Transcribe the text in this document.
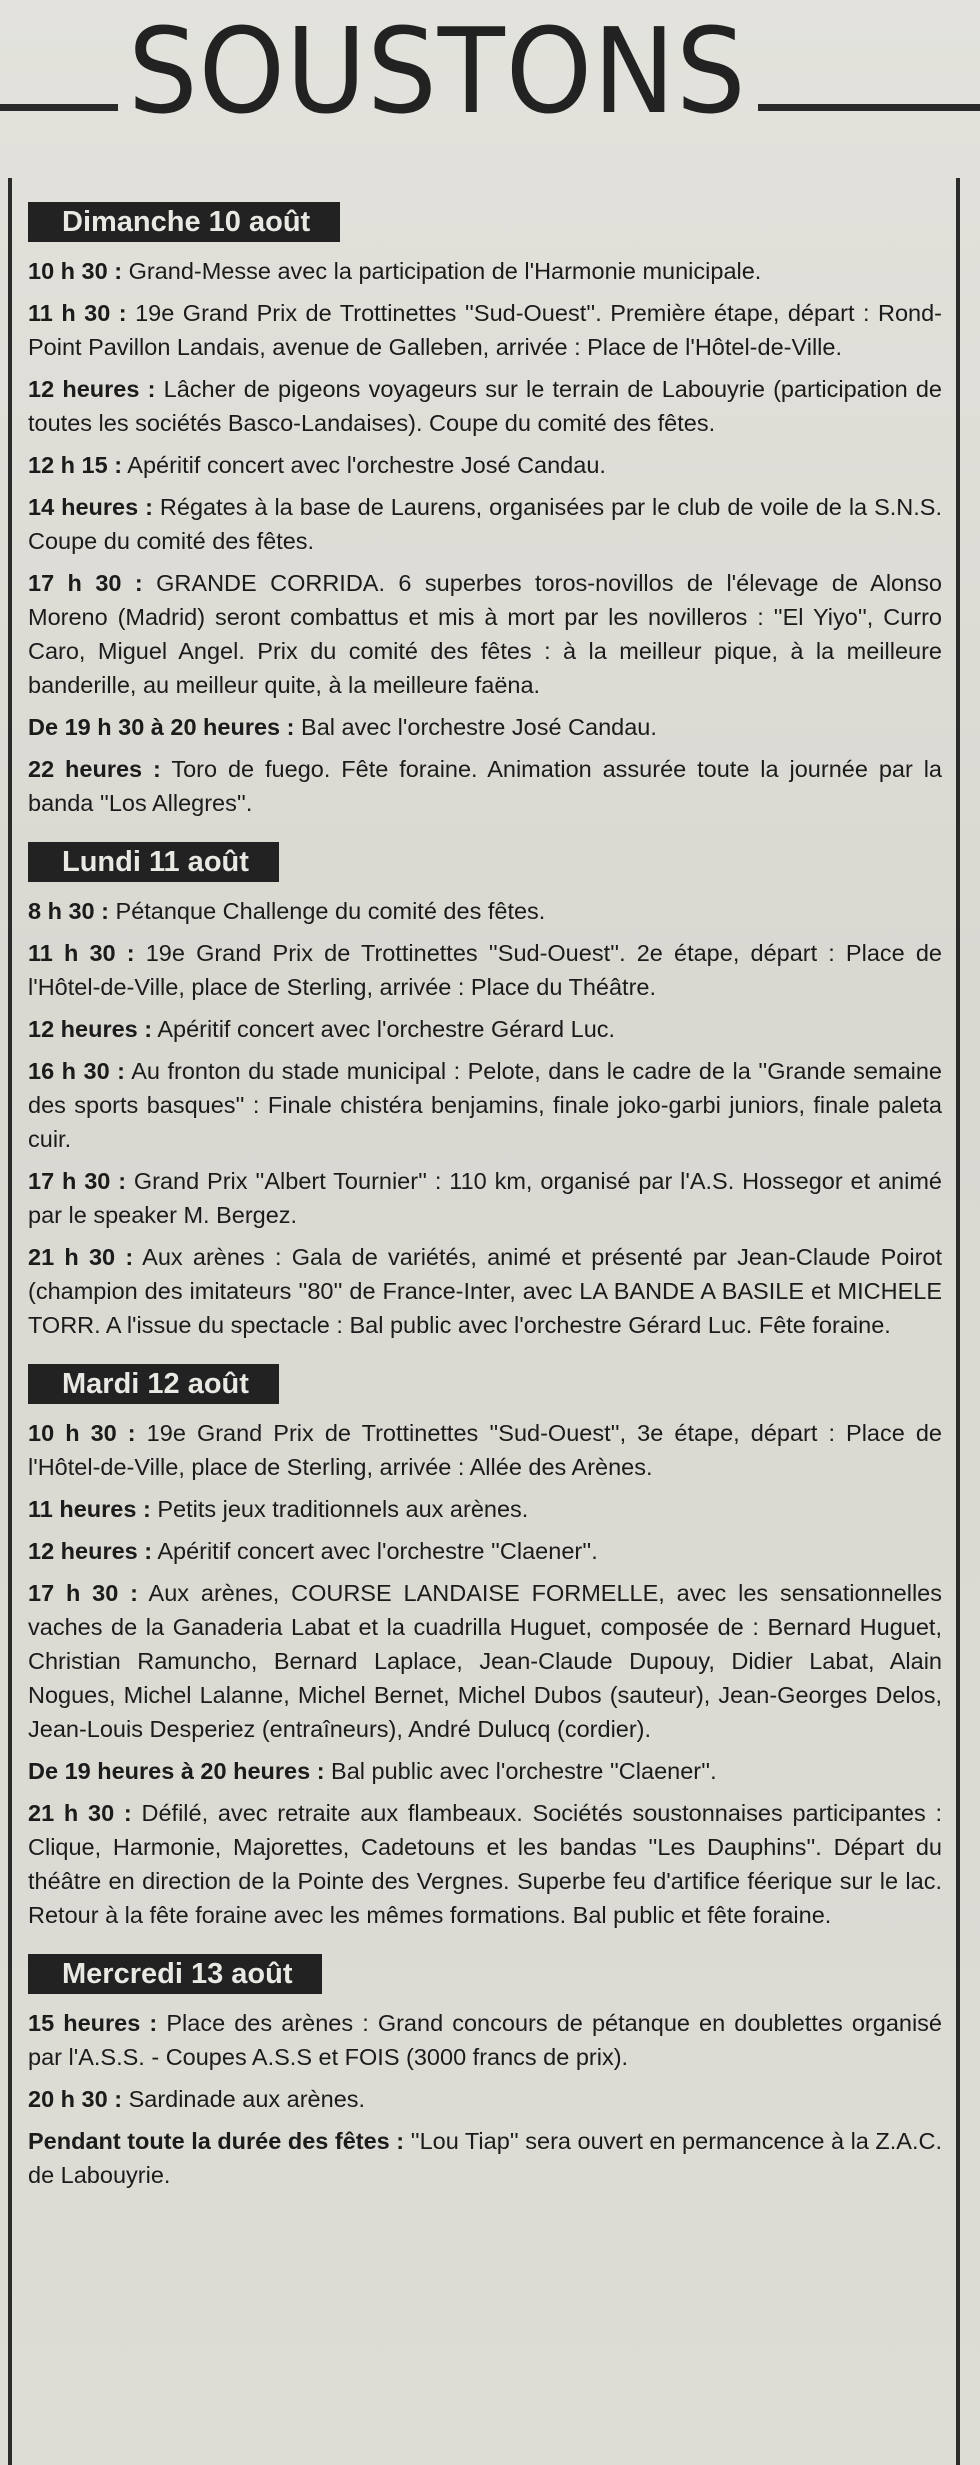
SOUSTONS
Dimanche 10 août
10 h 30 : Grand-Messe avec la participation de l'Harmonie municipale.
11 h 30 : 19e Grand Prix de Trottinettes ''Sud-Ouest''. Première étape, départ : Rond-Point Pavillon Landais, avenue de Galleben, arrivée : Place de l'Hôtel-de-Ville.
12 heures : Lâcher de pigeons voyageurs sur le terrain de Labouyrie (participation de toutes les sociétés Basco-Landaises). Coupe du comité des fêtes.
12 h 15 : Apéritif concert avec l'orchestre José Candau.
14 heures : Régates à la base de Laurens, organisées par le club de voile de la S.N.S. Coupe du comité des fêtes.
17 h 30 : GRANDE CORRIDA. 6 superbes toros-novillos de l'élevage de Alonso Moreno (Madrid) seront combattus et mis à mort par les novilleros : ''El Yiyo'', Curro Caro, Miguel Angel. Prix du comité des fêtes : à la meilleur pique, à la meilleure banderille, au meilleur quite, à la meilleure faëna.
De 19 h 30 à 20 heures : Bal avec l'orchestre José Candau.
22 heures : Toro de fuego. Fête foraine. Animation assurée toute la journée par la banda ''Los Allegres''.
Lundi 11 août
8 h 30 : Pétanque Challenge du comité des fêtes.
11 h 30 : 19e Grand Prix de Trottinettes ''Sud-Ouest''. 2e étape, départ : Place de l'Hôtel-de-Ville, place de Sterling, arrivée : Place du Théâtre.
12 heures : Apéritif concert avec l'orchestre Gérard Luc.
16 h 30 : Au fronton du stade municipal : Pelote, dans le cadre de la ''Grande semaine des sports basques'' : Finale chistéra benjamins, finale joko-garbi juniors, finale paleta cuir.
17 h 30 : Grand Prix ''Albert Tournier'' : 110 km, organisé par l'A.S. Hossegor et animé par le speaker M. Bergez.
21 h 30 : Aux arènes : Gala de variétés, animé et présenté par Jean-Claude Poirot (champion des imitateurs ''80'' de France-Inter, avec LA BANDE A BASILE et MICHELE TORR. A l'issue du spectacle : Bal public avec l'orchestre Gérard Luc. Fête foraine.
Mardi 12 août
10 h 30 : 19e Grand Prix de Trottinettes ''Sud-Ouest'', 3e étape, départ : Place de l'Hôtel-de-Ville, place de Sterling, arrivée : Allée des Arènes.
11 heures : Petits jeux traditionnels aux arènes.
12 heures : Apéritif concert avec l'orchestre ''Claener''.
17 h 30 : Aux arènes, COURSE LANDAISE FORMELLE, avec les sensationnelles vaches de la Ganaderia Labat et la cuadrilla Huguet, composée de : Bernard Huguet, Christian Ramuncho, Bernard Laplace, Jean-Claude Dupouy, Didier Labat, Alain Nogues, Michel Lalanne, Michel Bernet, Michel Dubos (sauteur), Jean-Georges Delos, Jean-Louis Desperiez (entraîneurs), André Dulucq (cordier).
De 19 heures à 20 heures : Bal public avec l'orchestre ''Claener''.
21 h 30 : Défilé, avec retraite aux flambeaux. Sociétés soustonnaises participantes : Clique, Harmonie, Majorettes, Cadetouns et les bandas ''Les Dauphins''. Départ du théâtre en direction de la Pointe des Vergnes. Superbe feu d'artifice féerique sur le lac. Retour à la fête foraine avec les mêmes formations. Bal public et fête foraine.
Mercredi 13 août
15 heures : Place des arènes : Grand concours de pétanque en doublettes organisé par l'A.S.S. - Coupes A.S.S et FOIS (3000 francs de prix).
20 h 30 : Sardinade aux arènes.
Pendant toute la durée des fêtes : ''Lou Tiap'' sera ouvert en permancence à la Z.A.C. de Labouyrie.
